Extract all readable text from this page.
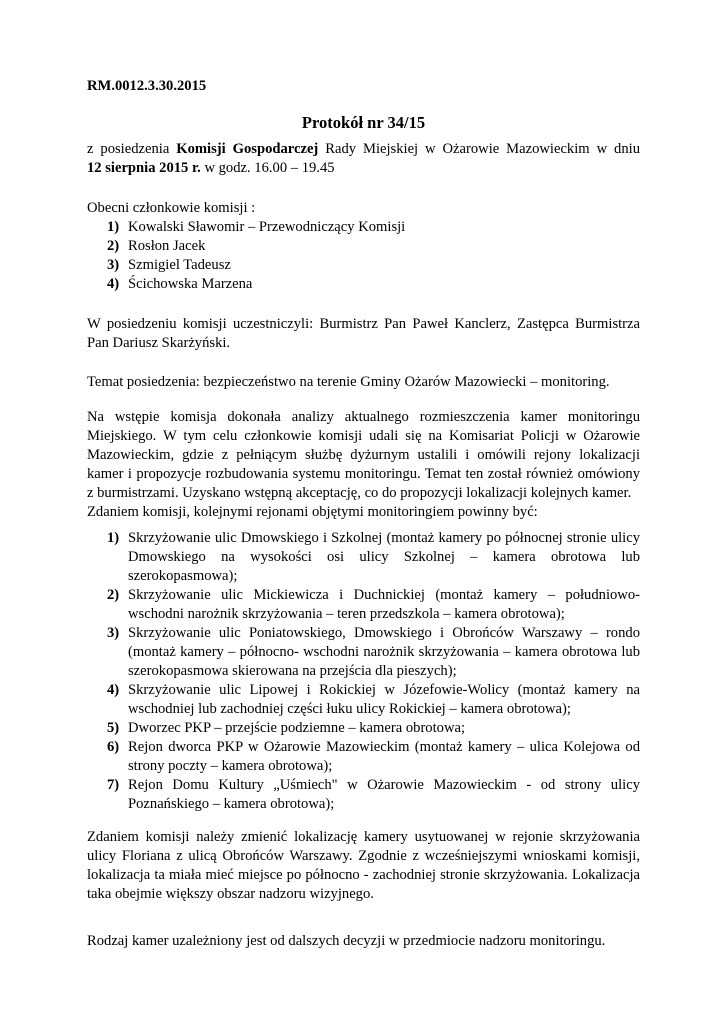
RM.0012.3.30.2015
Protokół nr 34/15
z posiedzenia Komisji Gospodarczej Rady Miejskiej w Ożarowie Mazowieckim w dniu
12 sierpnia 2015 r. w godz. 16.00 – 19.45
Obecni członkowie komisji :
1) Kowalski Sławomir – Przewodniczący Komisji
2) Rosłon Jacek
3) Szmigiel Tadeusz
4) Ścichowska Marzena
W posiedzeniu komisji uczestniczyli: Burmistrz Pan Paweł Kanclerz, Zastępca Burmistrza
Pan Dariusz Skarżyński.
Temat posiedzenia: bezpieczeństwo na terenie Gminy Ożarów Mazowiecki – monitoring.
Na wstępie komisja dokonała analizy aktualnego rozmieszczenia kamer monitoringu
Miejskiego. W tym celu członkowie komisji udali się na Komisariat Policji w Ożarowie
Mazowieckim, gdzie z pełniącym służbę dyżurnym ustalili i omówili rejony lokalizacji
kamer i propozycje rozbudowania systemu monitoringu. Temat ten został również omówiony
z burmistrzami. Uzyskano wstępną akceptację, co do propozycji lokalizacji kolejnych kamer.
Zdaniem komisji, kolejnymi rejonami objętymi monitoringiem powinny być:
1) Skrzyżowanie ulic Dmowskiego i Szkolnej (montaż kamery po północnej stronie ulicy
Dmowskiego na wysokości osi ulicy Szkolnej – kamera obrotowa lub
szerokopasmowa);
2) Skrzyżowanie ulic Mickiewicza i Duchnickiej (montaż kamery – południowo-
wschodni narożnik skrzyżowania – teren przedszkola – kamera obrotowa);
3) Skrzyżowanie ulic Poniatowskiego, Dmowskiego i Obrońców Warszawy – rondo
(montaż kamery – północno- wschodni narożnik skrzyżowania – kamera obrotowa lub
szerokopasmowa skierowana na przejścia dla pieszych);
4) Skrzyżowanie ulic Lipowej i Rokickiej w Józefowie-Wolicy (montaż kamery na
wschodniej lub zachodniej części łuku ulicy Rokickiej – kamera obrotowa);
5) Dworzec PKP – przejście podziemne – kamera obrotowa;
6) Rejon dworca PKP w Ożarowie Mazowieckim (montaż kamery – ulica Kolejowa od
strony poczty – kamera obrotowa);
7) Rejon Domu Kultury „Uśmiech" w Ożarowie Mazowieckim - od strony ulicy
Poznańskiego – kamera obrotowa);
Zdaniem komisji należy zmienić lokalizację kamery usytuowanej w rejonie skrzyżowania
ulicy Floriana z ulicą Obrońców Warszawy. Zgodnie z wcześniejszymi wnioskami komisji,
lokalizacja ta miała mieć miejsce po północno - zachodniej stronie skrzyżowania. Lokalizacja
taka obejmie większy obszar nadzoru wizyjnego.
Rodzaj kamer uzależniony jest od dalszych decyzji w przedmiocie nadzoru monitoringu.
